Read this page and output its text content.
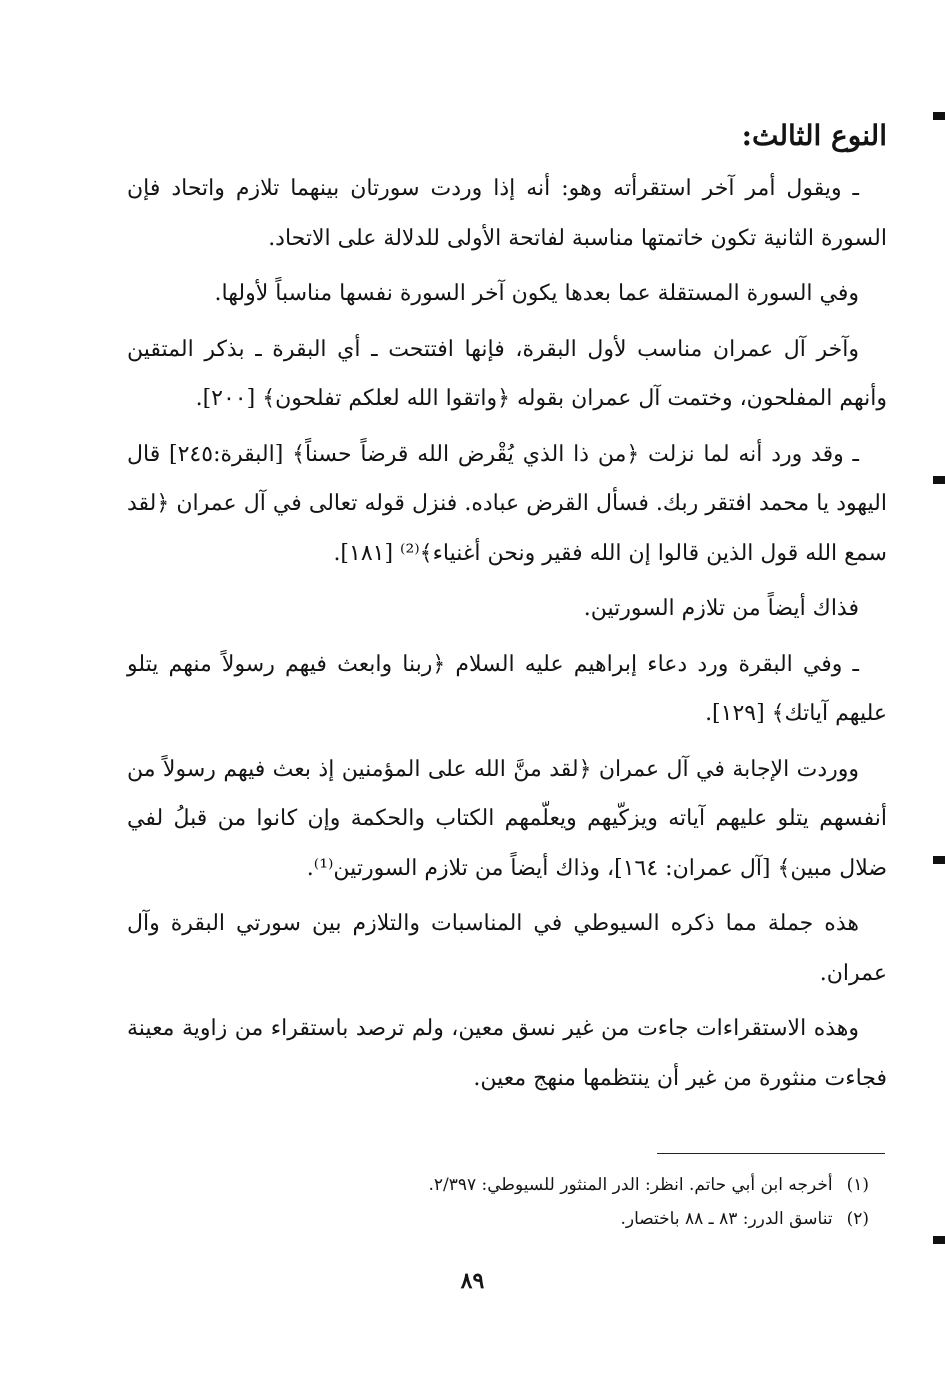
النوع الثالث:

ـ ويقول أمر آخر استقرأته وهو: أنه إذا وردت سورتان بينهما تلازم واتحاد فإن السورة الثانية تكون خاتمتها مناسبة لفاتحة الأولى للدلالة على الاتحاد.

وفي السورة المستقلة عما بعدها يكون آخر السورة نفسها مناسباً لأولها.

وآخر آل عمران مناسب لأول البقرة، فإنها افتتحت ـ أي البقرة ـ بذكر المتقين وأنهم المفلحون، وختمت آل عمران بقوله ﴿واتقوا الله لعلكم تفلحون﴾ [٢٠٠].

ـ وقد ورد أنه لما نزلت ﴿من ذا الذي يُقْرض الله قرضاً حسناً﴾ [البقرة:٢٤٥] قال اليهود يا محمد افتقر ربك. فسأل القرض عباده. فنزل قوله تعالى في آل عمران ﴿لقد سمع الله قول الذين قالوا إن الله فقير ونحن أغنياء﴾⁽²⁾ [١٨١].

فذاك أيضاً من تلازم السورتين.

ـ وفي البقرة ورد دعاء إبراهيم عليه السلام ﴿ربنا وابعث فيهم رسولاً منهم يتلو عليهم آياتك﴾ [١٢٩].

ووردت الإجابة في آل عمران ﴿لقد منَّ الله على المؤمنين إذ بعث فيهم رسولاً من أنفسهم يتلو عليهم آياته ويزكّيهم ويعلّمهم الكتاب والحكمة وإن كانوا من قبلُ لفي ضلال مبين﴾ [آل عمران: ١٦٤]، وذاك أيضاً من تلازم السورتين⁽¹⁾.

هذه جملة مما ذكره السيوطي في المناسبات والتلازم بين سورتي البقرة وآل عمران.

وهذه الاستقراءات جاءت من غير نسق معين، ولم ترصد باستقراء من زاوية معينة فجاءت منثورة من غير أن ينتظمها منهج معين.

(١)أخرجه ابن أبي حاتم. انظر: الدر المنثور للسيوطي: ٢/٣٩٧.
(٢)تناسق الدرر: ٨٣ ـ ٨٨ باختصار.
٨٩
